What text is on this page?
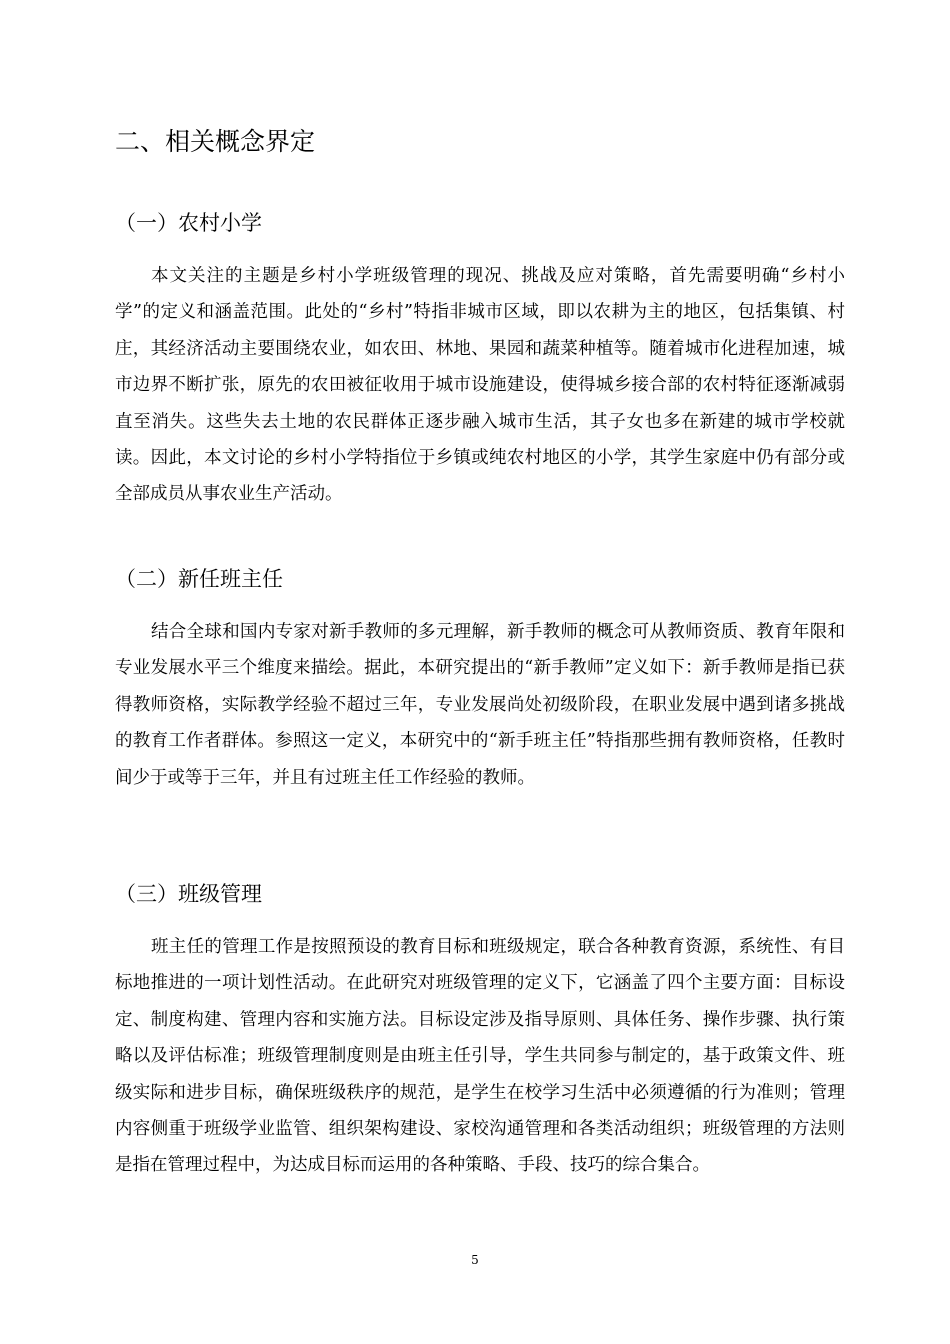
二、相关概念界定
（一）农村小学

本文关注的主题是乡村小学班级管理的现况、挑战及应对策略，首先需要明确“乡村小学”的定义和涵盖范围。此处的“乡村”特指非城市区域，即以农耕为主的地区，包括集镇、村庄，其经济活动主要围绕农业，如农田、林地、果园和蔬菜种植等。随着城市化进程加速，城市边界不断扩张，原先的农田被征收用于城市设施建设，使得城乡接合部的农村特征逐渐减弱直至消失。这些失去土地的农民群体正逐步融入城市生活，其子女也多在新建的城市学校就读。因此，本文讨论的乡村小学特指位于乡镇或纯农村地区的小学，其学生家庭中仍有部分或全部成员从事农业生产活动。

（二）新任班主任

结合全球和国内专家对新手教师的多元理解，新手教师的概念可从教师资质、教育年限和专业发展水平三个维度来描绘。据此，本研究提出的“新手教师”定义如下：新手教师是指已获得教师资格，实际教学经验不超过三年，专业发展尚处初级阶段，在职业发展中遇到诸多挑战的教育工作者群体。参照这一定义，本研究中的“新手班主任”特指那些拥有教师资格，任教时间少于或等于三年，并且有过班主任工作经验的教师。

（三）班级管理

班主任的管理工作是按照预设的教育目标和班级规定，联合各种教育资源，系统性、有目标地推进的一项计划性活动。在此研究对班级管理的定义下，它涵盖了四个主要方面：目标设定、制度构建、管理内容和实施方法。目标设定涉及指导原则、具体任务、操作步骤、执行策略以及评估标准；班级管理制度则是由班主任引导，学生共同参与制定的，基于政策文件、班级实际和进步目标，确保班级秩序的规范，是学生在校学习生活中必须遵循的行为准则；管理内容侧重于班级学业监管、组织架构建设、家校沟通管理和各类活动组织；班级管理的方法则是指在管理过程中，为达成目标而运用的各种策略、手段、技巧的综合集合。

5
